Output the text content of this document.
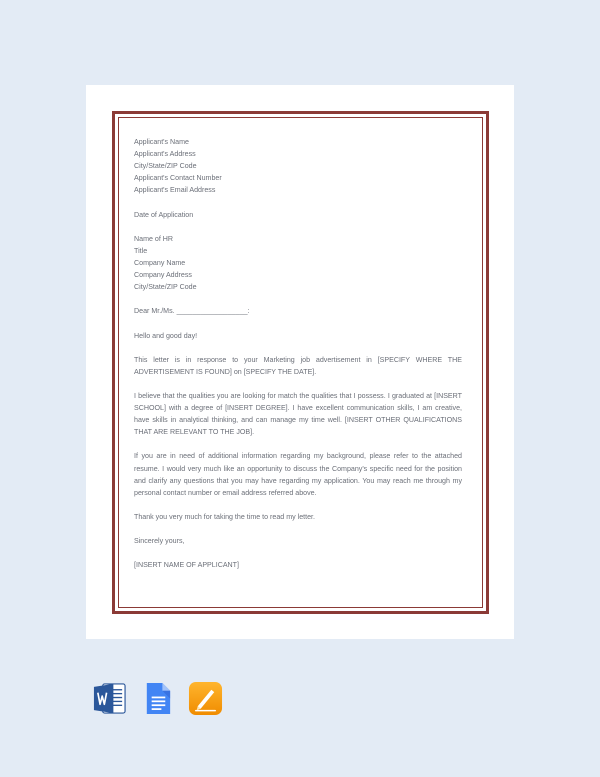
Applicant's Name
Applicant's Address
City/State/ZIP Code
Applicant's Contact Number
Applicant's Email Address
Date of Application
Name of HR
Title
Company Name
Company Address
City/State/ZIP Code
Dear Mr./Ms. __________________:
Hello and good day!

This letter is in response to your Marketing job advertisement in [SPECIFY WHERE THE ADVERTISEMENT IS FOUND] on [SPECIFY THE DATE].

I believe that the qualities you are looking for match the qualities that I possess. I graduated at [INSERT SCHOOL] with a degree of [INSERT DEGREE]. I have excellent communication skills, I am creative, have skills in analytical thinking, and can manage my time well. [INSERT OTHER QUALIFICATIONS THAT ARE RELEVANT TO THE JOB].

If you are in need of additional information regarding my background, please refer to the attached resume. I would very much like an opportunity to discuss the Company's specific need for the position and clarify any questions that you may have regarding my application. You may reach me through my personal contact number or email address referred above.

Thank you very much for taking the time to read my letter.

Sincerely yours,
[INSERT NAME OF APPLICANT]
